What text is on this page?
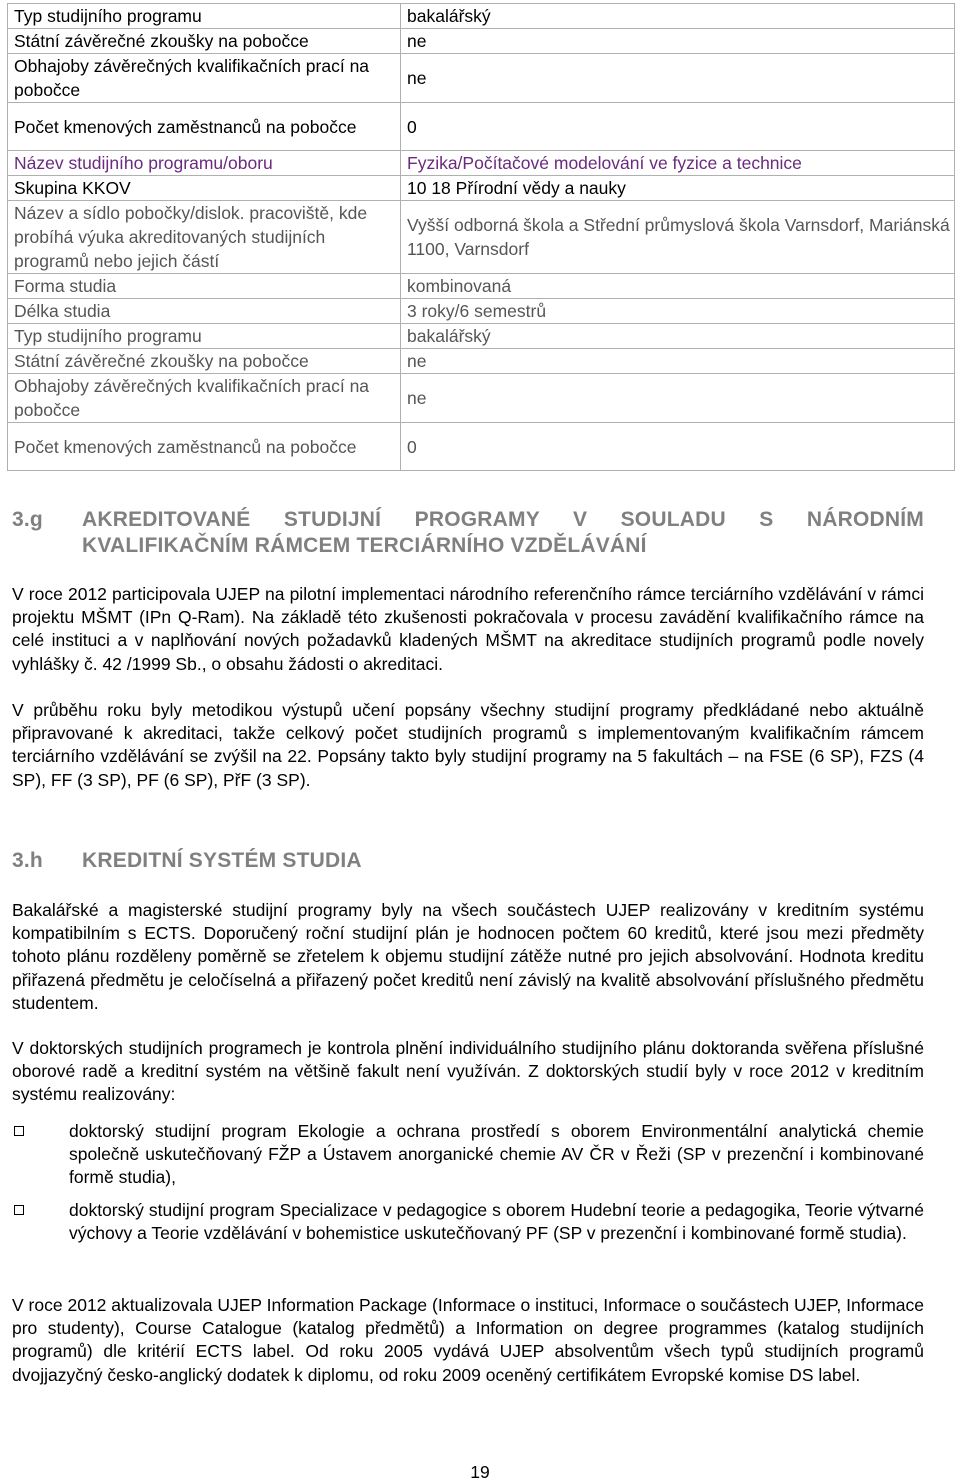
Typ studijního programu	bakalářský
Státní závěrečné zkoušky na pobočce	ne
Obhajoby závěrečných kvalifikačních prací na pobočce	ne
Počet kmenových zaměstnanců na pobočce	0
Název studijního programu/oboru	Fyzika/Počítačové modelování ve fyzice a technice
Skupina KKOV	10 18 Přírodní vědy a nauky
Název a sídlo pobočky/dislok. pracoviště, kde probíhá výuka akreditovaných studijních programů nebo jejich částí	Vyšší odborná škola a Střední průmyslová škola Varnsdorf, Mariánská 1100, Varnsdorf
Forma studia	kombinovaná
Délka studia	3 roky/6 semestrů
Typ studijního programu	bakalářský
Státní závěrečné zkoušky na pobočce	ne
Obhajoby závěrečných kvalifikačních prací na pobočce	ne
Počet kmenových zaměstnanců na pobočce	0
3.g AKREDITOVANÉ STUDIJNÍ PROGRAMY V SOULADU S NÁRODNÍM KVALIFIKAČNÍM RÁMCEM TERCIÁRNÍHO VZDĚLÁVÁNÍ

V roce 2012 participovala UJEP na pilotní implementaci národního referenčního rámce terciárního vzdělávání v rámci projektu MŠMT (IPn Q-Ram). Na základě této zkušenosti pokračovala v procesu zavádění kvalifikačního rámce na celé instituci a v naplňování nových požadavků kladených MŠMT na akreditace studijních programů podle novely vyhlášky č. 42 /1999 Sb., o obsahu žádosti o akreditaci.

V průběhu roku byly metodikou výstupů učení popsány všechny studijní programy předkládané nebo aktuálně připravované k akreditaci, takže celkový počet studijních programů s implementovaným kvalifikačním rámcem terciárního vzdělávání se zvýšil na 22. Popsány takto byly studijní programy na 5 fakultách – na FSE (6 SP), FZS (4 SP), FF (3 SP), PF (6 SP), PřF (3 SP).

3.h KREDITNÍ SYSTÉM STUDIA

Bakalářské a magisterské studijní programy byly na všech součástech UJEP realizovány v kreditním systému kompatibilním s ECTS. Doporučený roční studijní plán je hodnocen počtem 60 kreditů, které jsou mezi předměty tohoto plánu rozděleny poměrně se zřetelem k objemu studijní zátěže nutné pro jejich absolvování. Hodnota kreditu přiřazená předmětu je celočíselná a přiřazený počet kreditů není závislý na kvalitě absolvování příslušného předmětu studentem.

V doktorských studijních programech je kontrola plnění individuálního studijního plánu doktoranda svěřena příslušné oborové radě a kreditní systém na většině fakult není využíván. Z doktorských studií byly v roce 2012 v kreditním systému realizovány:

doktorský studijní program Ekologie a ochrana prostředí s oborem Environmentální analytická chemie společně uskutečňovaný FŽP a Ústavem anorganické chemie AV ČR v Řeži (SP v prezenční i kombinované formě studia),
doktorský studijní program Specializace v pedagogice s oborem Hudební teorie a pedagogika, Teorie výtvarné výchovy a Teorie vzdělávání v bohemistice uskutečňovaný PF (SP v prezenční i kombinované formě studia).

V roce 2012 aktualizovala UJEP Information Package (Informace o instituci, Informace o součástech UJEP, Informace pro studenty), Course Catalogue (katalog předmětů) a Information on degree programmes (katalog studijních programů) dle kritérií ECTS label. Od roku 2005 vydává UJEP absolventům všech typů studijních programů dvojjazyčný česko-anglický dodatek k diplomu, od roku 2009 oceněný certifikátem Evropské komise DS label.

19
